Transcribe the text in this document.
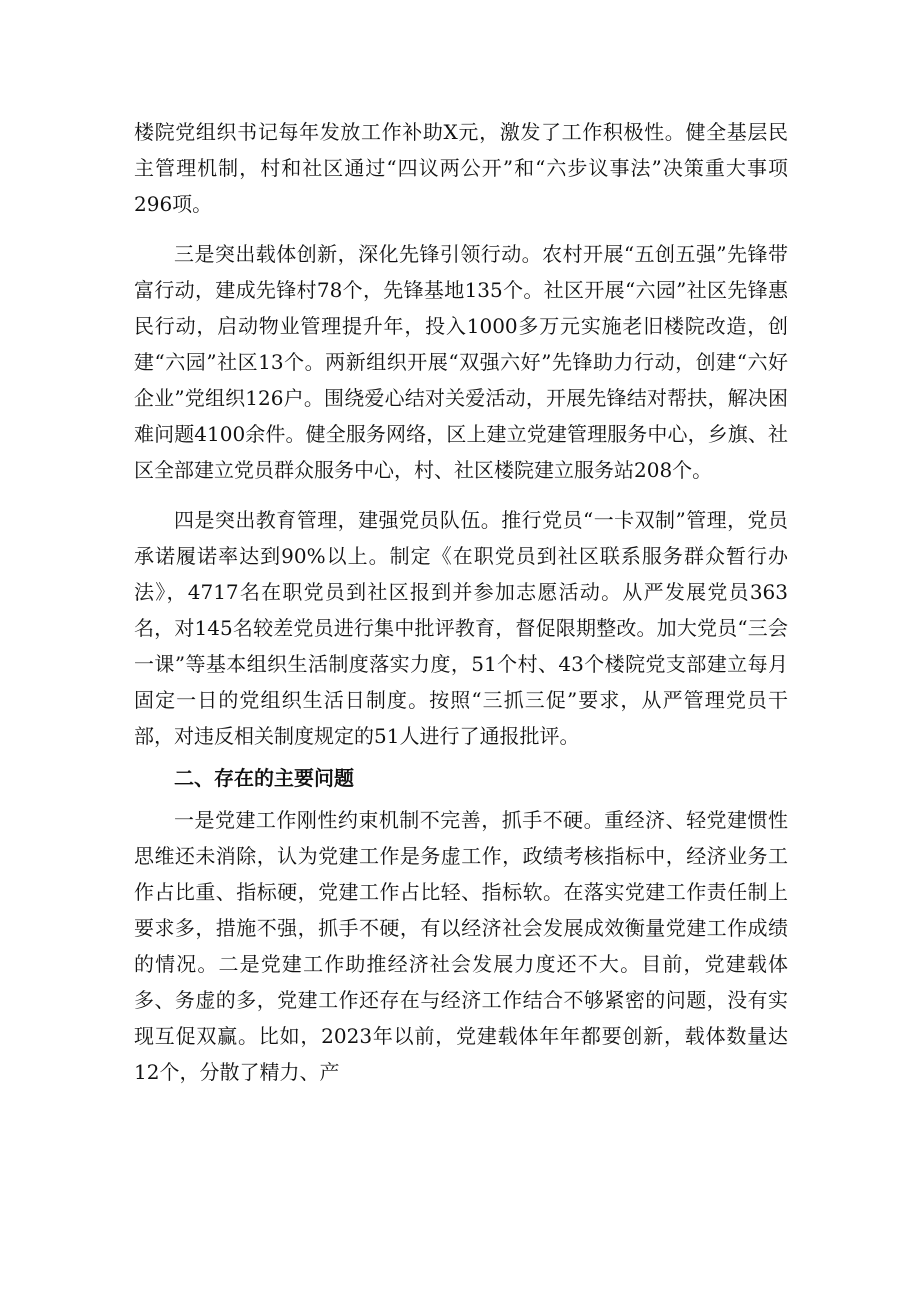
楼院党组织书记每年发放工作补助X元，激发了工作积极性。健全基层民主管理机制，村和社区通过“四议两公开”和“六步议事法”决策重大事项296项。

三是突出载体创新，深化先锋引领行动。农村开展“五创五强”先锋带富行动，建成先锋村78个，先锋基地135个。社区开展“六园”社区先锋惠民行动，启动物业管理提升年，投入1000多万元实施老旧楼院改造，创建“六园”社区13个。两新组织开展“双强六好”先锋助力行动，创建“六好企业”党组织126户。围绕爱心结对关爱活动，开展先锋结对帮扶，解决困难问题4100余件。健全服务网络，区上建立党建管理服务中心，乡旗、社区全部建立党员群众服务中心，村、社区楼院建立服务站208个。

四是突出教育管理，建强党员队伍。推行党员“一卡双制”管理，党员承诺履诺率达到90%以上。制定《在职党员到社区联系服务群众暂行办法》，4717名在职党员到社区报到并参加志愿活动。从严发展党员363名，对145名较差党员进行集中批评教育，督促限期整改。加大党员“三会一课”等基本组织生活制度落实力度，51个村、43个楼院党支部建立每月固定一日的党组织生活日制度。按照“三抓三促”要求，从严管理党员干部，对违反相关制度规定的51人进行了通报批评。

二、存在的主要问题

一是党建工作刚性约束机制不完善，抓手不硬。重经济、轻党建惯性思维还未消除，认为党建工作是务虚工作，政绩考核指标中，经济业务工作占比重、指标硬，党建工作占比轻、指标软。在落实党建工作责任制上要求多，措施不强，抓手不硬，有以经济社会发展成效衡量党建工作成绩的情况。二是党建工作助推经济社会发展力度还不大。目前，党建载体多、务虚的多，党建工作还存在与经济工作结合不够紧密的问题，没有实现互促双赢。比如，2023年以前，党建载体年年都要创新，载体数量达12个，分散了精力、产
